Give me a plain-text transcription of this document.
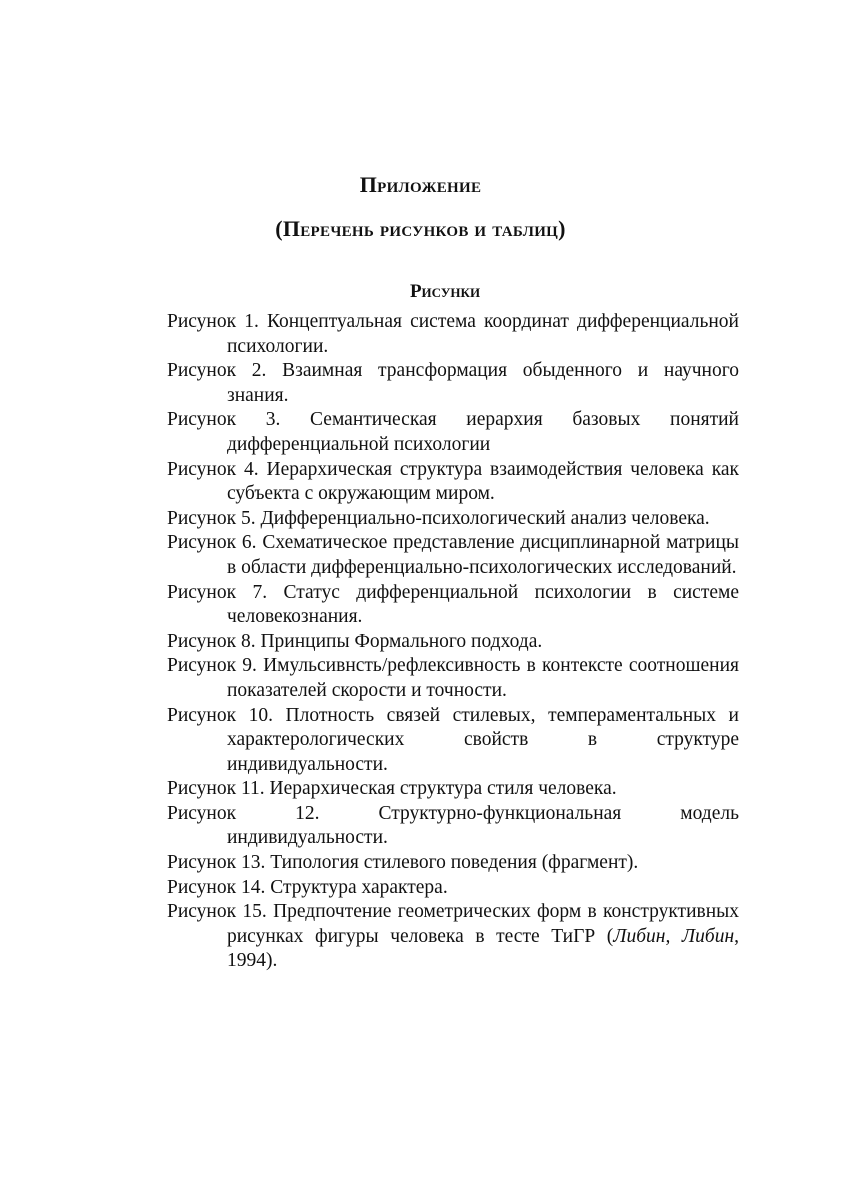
Приложение
(Перечень рисунков и таблиц)
Рисунки
Рисунок 1. Концептуальная система координат дифференциальной психологии.
Рисунок 2. Взаимная трансформация обыденного и научного знания.
Рисунок 3. Семантическая иерархия базовых понятий дифференциальной психологии
Рисунок 4. Иерархическая структура взаимодействия человека как субъекта с окружающим миром.
Рисунок 5. Дифференциально-психологический анализ человека.
Рисунок 6. Схематическое представление дисциплинарной матрицы в области дифференциально-психологических исследований.
Рисунок 7. Статус дифференциальной психологии в системе человекознания.
Рисунок 8. Принципы Формального подхода.
Рисунок 9. Имульсивнсть/рефлексивность в контексте соотношения показателей скорости и точности.
Рисунок 10. Плотность связей стилевых, темпераментальных и характерологических свойств в структуре индивидуальности.
Рисунок 11. Иерархическая структура стиля человека.
Рисунок 12. Структурно-функциональная модель индивидуальности.
Рисунок 13. Типология стилевого поведения (фрагмент).
Рисунок 14. Структура характера.
Рисунок 15. Предпочтение геометрических форм в конструктивных рисунках фигуры человека в тесте ТиГР (Либин, Либин, 1994).
